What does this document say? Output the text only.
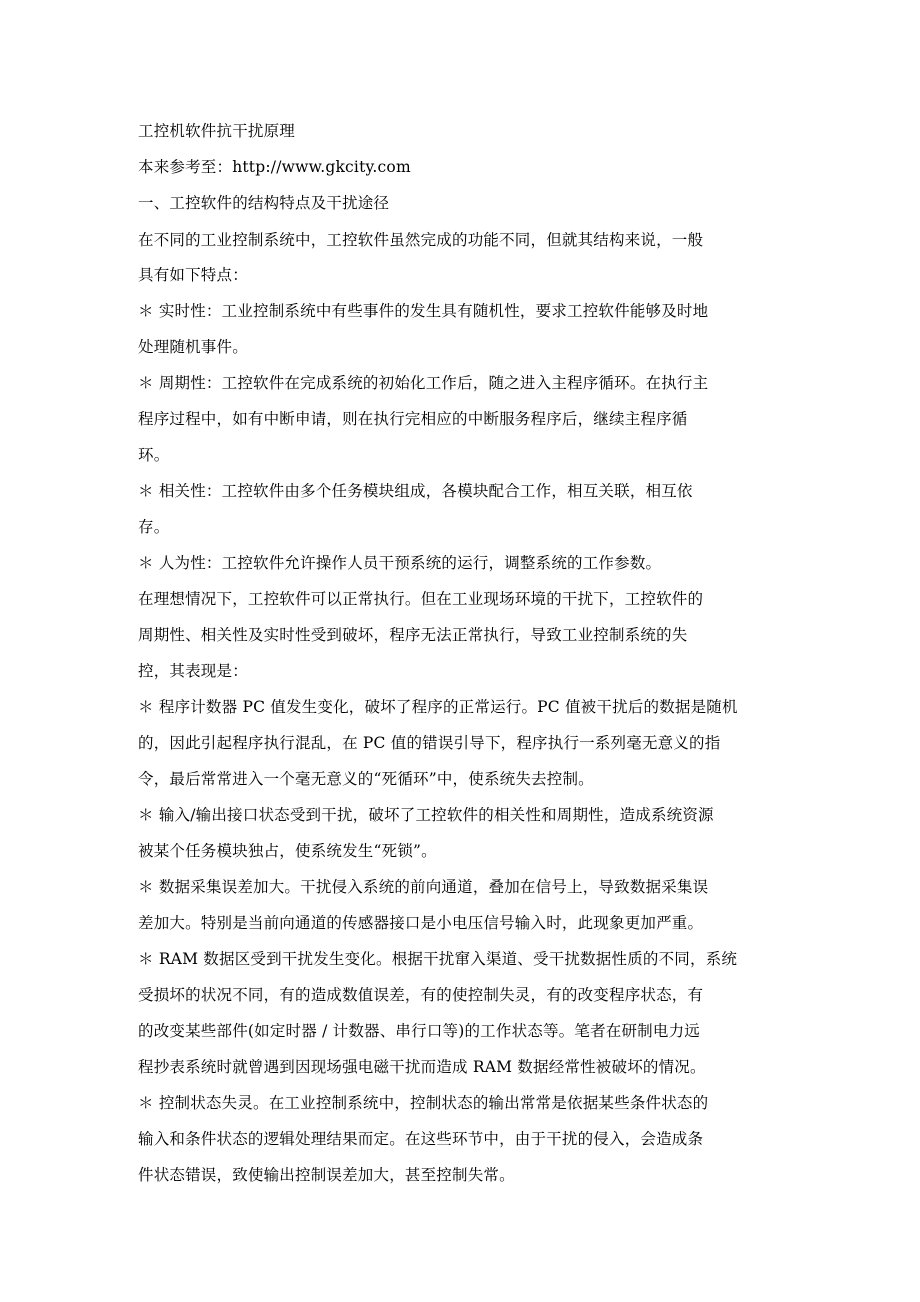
工控机软件抗干扰原理
本来参考至：http://www.gkcity.com
一、工控软件的结构特点及干扰途径
在不同的工业控制系统中，工控软件虽然完成的功能不同，但就其结构来说，一般
具有如下特点：
＊ 实时性：工业控制系统中有些事件的发生具有随机性，要求工控软件能够及时地
处理随机事件。
＊ 周期性：工控软件在完成系统的初始化工作后，随之进入主程序循环。在执行主
程序过程中，如有中断申请，则在执行完相应的中断服务程序后，继续主程序循
环。
＊ 相关性：工控软件由多个任务模块组成，各模块配合工作，相互关联，相互依
存。
＊ 人为性：工控软件允许操作人员干预系统的运行，调整系统的工作参数。
在理想情况下，工控软件可以正常执行。但在工业现场环境的干扰下，工控软件的
周期性、相关性及实时性受到破坏，程序无法正常执行，导致工业控制系统的失
控，其表现是：
＊ 程序计数器 PC 值发生变化，破坏了程序的正常运行。PC 值被干扰后的数据是随机
的，因此引起程序执行混乱，在 PC 值的错误引导下，程序执行一系列毫无意义的指
令，最后常常进入一个毫无意义的“死循环”中，使系统失去控制。
＊ 输入/输出接口状态受到干扰，破坏了工控软件的相关性和周期性，造成系统资源
被某个任务模块独占，使系统发生“死锁”。
＊ 数据采集误差加大。干扰侵入系统的前向通道，叠加在信号上，导致数据采集误
差加大。特别是当前向通道的传感器接口是小电压信号输入时，此现象更加严重。
＊ RAM 数据区受到干扰发生变化。根据干扰窜入渠道、受干扰数据性质的不同，系统
受损坏的状况不同，有的造成数值误差，有的使控制失灵，有的改变程序状态，有
的改变某些部件(如定时器 / 计数器、串行口等)的工作状态等。笔者在研制电力远
程抄表系统时就曾遇到因现场强电磁干扰而造成 RAM 数据经常性被破坏的情况。
＊ 控制状态失灵。在工业控制系统中，控制状态的输出常常是依据某些条件状态的
输入和条件状态的逻辑处理结果而定。在这些环节中，由于干扰的侵入，会造成条
件状态错误，致使输出控制误差加大，甚至控制失常。
